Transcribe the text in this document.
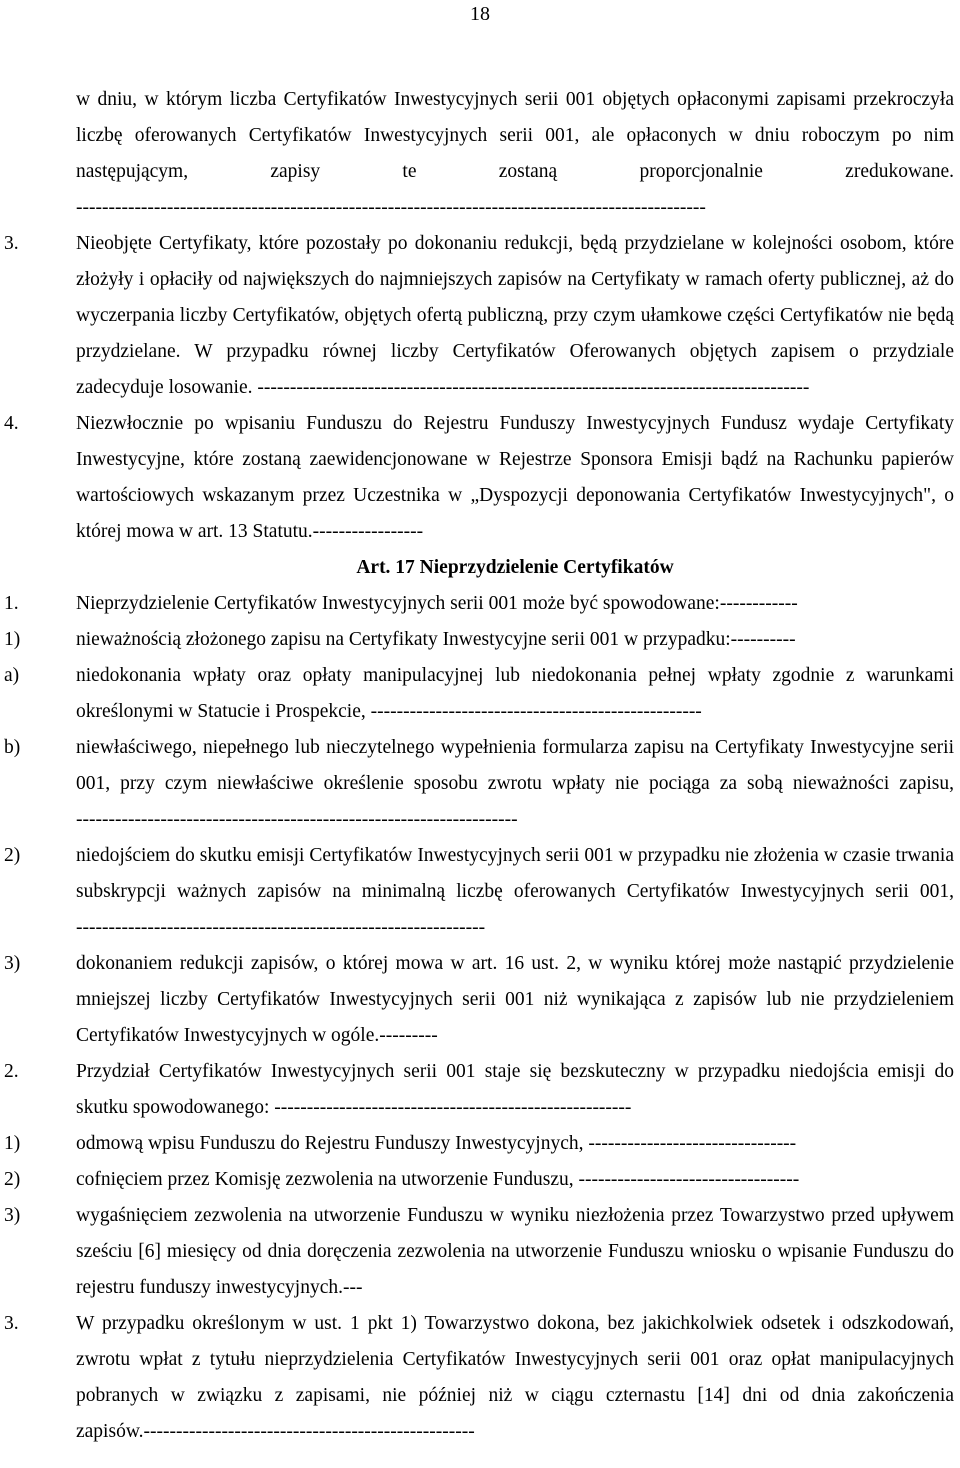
18
w dniu, w którym liczba Certyfikatów Inwestycyjnych serii 001 objętych opłaconymi zapisami przekroczyła liczbę oferowanych Certyfikatów Inwestycyjnych serii 001, ale opłaconych w dniu roboczym po nim następującym, zapisy te zostaną proporcjonalnie zredukowane. -------------------------------------------------------------------------------------------------
3.	Nieobjęte Certyfikaty, które pozostały po dokonaniu redukcji, będą przydzielane w kolejności osobom, które złożyły i opłaciły od największych do najmniejszych zapisów na Certyfikaty w ramach oferty publicznej, aż do wyczerpania liczby Certyfikatów, objętych ofertą publiczną, przy czym ułamkowe części Certyfikatów nie będą przydzielane. W przypadku równej liczby Certyfikatów Oferowanych objętych zapisem o przydziale zadecyduje losowanie. -------------------------------------------------------------------------------------
4.	Niezwłocznie po wpisaniu Funduszu do Rejestru Funduszy Inwestycyjnych Fundusz wydaje Certyfikaty Inwestycyjne, które zostaną zaewidencjonowane w Rejestrze Sponsora Emisji bądź na Rachunku papierów wartościowych wskazanym przez Uczestnika w „Dyspozycji deponowania Certyfikatów Inwestycyjnych", o której mowa w art. 13 Statutu.-----------------
Art. 17 Nieprzydzielenie Certyfikatów
1.	Nieprzydzielenie Certyfikatów Inwestycyjnych serii 001 może być spowodowane:------------
1)	nieważnością złożonego zapisu na Certyfikaty Inwestycyjne serii 001 w przypadku:----------
a)	niedokonania wpłaty oraz opłaty manipulacyjnej lub niedokonania pełnej wpłaty zgodnie z warunkami określonymi w Statucie i Prospekcie, ---------------------------------------------------
b)	niewłaściwego, niepełnego lub nieczytelnego wypełnienia formularza zapisu na Certyfikaty Inwestycyjne serii 001, przy czym niewłaściwe określenie sposobu zwrotu wpłaty nie pociąga za sobą nieważności zapisu, --------------------------------------------------------------------
2)	niedojściem do skutku emisji Certyfikatów Inwestycyjnych serii 001 w przypadku nie złożenia w czasie trwania subskrypcji ważnych zapisów na minimalną liczbę oferowanych Certyfikatów Inwestycyjnych serii 001, ---------------------------------------------------------------
3)	dokonaniem redukcji zapisów, o której mowa w art. 16 ust. 2, w wyniku której może nastąpić przydzielenie mniejszej liczby Certyfikatów Inwestycyjnych serii 001 niż wynikająca z zapisów lub nie przydzieleniem Certyfikatów Inwestycyjnych w ogóle.---------
2.	Przydział Certyfikatów Inwestycyjnych serii 001 staje się bezskuteczny w przypadku niedojścia emisji do skutku spowodowanego: -------------------------------------------------------
1)	odmową wpisu Funduszu do Rejestru Funduszy Inwestycyjnych, --------------------------------
2)	cofnięciem przez Komisję zezwolenia na utworzenie Funduszu, ----------------------------------
3)	wygaśnięciem zezwolenia na utworzenie Funduszu w wyniku niezłożenia przez Towarzystwo przed upływem sześciu [6] miesięcy od dnia doręczenia zezwolenia na utworzenie Funduszu wniosku o wpisanie Funduszu do rejestru funduszy inwestycyjnych.---
3.	W przypadku określonym w ust. 1 pkt 1) Towarzystwo dokona, bez jakichkolwiek odsetek i odszkodowań, zwrotu wpłat z tytułu nieprzydzielenia Certyfikatów Inwestycyjnych serii 001 oraz opłat manipulacyjnych pobranych w związku z zapisami, nie później niż w ciągu czternastu [14] dni od dnia zakończenia zapisów.---------------------------------------------------
